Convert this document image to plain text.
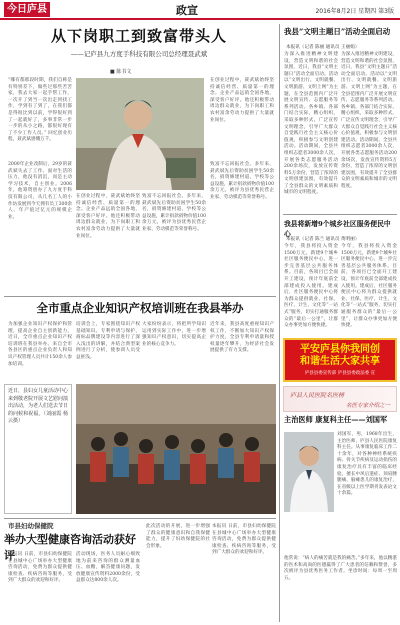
今日庐县	政宣	2016年8月2日 星期四 第3版
从下岗职工到致富带头人
——记庐县九方度手科技有限公司总经理聂武斌
■ 陈书文
“哪有都那段时期，我们自称是有特别差下，做些过那些苦苦家，我去大家一起手帮工作，一次开了到当一次出走到找工作，学到有了到了，在我们都是得很比到以前，学得很好到了一起就好了，多事非常一步一步的从小之路，都很好现有了不少工作人员。” 回忆创业历程，聂武斌感慨万千。
2000年企业改制后，29岁的聂武斌失去了工作。面对生活的压力，他没有消沉，而是主动学习技术，自主创业。2006年，他筹资创办了九方度手科技有限公司，从几名工人的小作坊发展到今天拥有员工300余人、年产值过亿元的规模企业。
在创业过程中，聂武斌始终坚持诚信经营、质量第一的理念。企业产品远销全国各地，深受客户好评。他还积极带动周边群众就业，为下岗职工和农村富余劳动力提供了大量就业岗位。
致富不忘回报社会。多年来，聂武斌先后资助贫困学生50余名，捐资修建村道、学校等公益设施，累计捐款捐物价值100余万元，被评为县优秀民营企业家、劳动模范等荣誉称号。
致富不忘回报社会。多年来，聂武斌先后资助贫困学生50余名，捐资修建村道、学校等公益设施，累计捐款捐物价值100余万元，被评为县优秀民营企业家、劳动模范等荣誉称号。
在创业过程中，聂武斌始终坚持诚信经营、质量第一的理念。企业产品远销全国各地，深受客户好评。他还积极带动周边群众就业，为下岗职工和农村富余劳动力提供了大量就业岗位。
全市重点企业知识产权培训班在我县举办
为加强企业知识产权保护和管理，提高企业自主创新能力，近日，全市重点企业知识产权培训班在我县举办。来自全市各县区的重点企业负责人和知识产权管理人员共计150余人参加培训。
培训会上，专家围绕知识产权基础知识、专利申请与保护、商标品牌建设等内容进行了深入浅出的讲解，并结合典型案例进行了分析，使参训人员受益匪浅。
大家纷纷表示，将把所学知识运用到实际工作中，进一步增强知识产权意识，切实提高企业的核心竞争力。
近年来，我县高度重视知识产权工作，不断加大知识产权保护力度，全县专利申请量和授权量逐年攀升，为经济社会发展提供了有力支撑。
近日，县妇女儿童活动中心来到敬老院开展文艺慰问演出活动，为老人们送去节日的问候和祝福。（刘丽霞 杨云摄）
市县妇幼保健院
举办大型健康咨询活动获好评
本报讯 日前，市县妇幼保健院在县城中心广场举办大型健康咨询活动，免费为群众提供健康检查、疾病咨询等服务，受到广大群众的欢迎和好评。
活动现场，医务人员耐心细致地为前来咨询的群众测量血压、血糖，解答健康问题，发放健康宣传资料2000余份，受益群众达800余人次。
此次活动的开展，进一步增强了群众的健康意识和自我保健能力，提升了妇幼保健院的社会形象。
本报讯 日前，市县妇幼保健院在县城中心广场举办大型健康咨询活动，免费为群众提供健康检查、疾病咨询等服务，受到广大群众的欢迎和好评。
我县“文明主题日”活动全面启动
本报讯（记者 陈丽 通讯员 王丽娟）
为深入推进精神文明建设，营造文明和谐的社会氛围，近日，我县“文明主题日”活动全面启动。活动以“文明出行、文明就餐、文明旅游、文明上网”为主题，在全县范围内广泛开展文明宣传、志愿服务等系列活动。各乡镇、各部门结合实际，精心组织，采取多种形式，广泛宣传文明理念，引导广大群众自觉践行社会主义核心价值观，积极参与文明创建活动。活动期间，全县共组织志愿者3000余人次，开展各类志愿服务活动200余场次，发放宣传资料5万余份，营造了浓厚的文明创建氛围，有效提升了全县群众的文明素质和城市的文明程度。
为深入推进精神文明建设，营造文明和谐的社会氛围，近日，我县“文明主题日”活动全面启动。活动以“文明出行、文明就餐、文明旅游、文明上网”为主题，在全县范围内广泛开展文明宣传、志愿服务等系列活动。各乡镇、各部门结合实际，精心组织，采取多种形式，广泛宣传文明理念，引导广大群众自觉践行社会主义核心价值观，积极参与文明创建活动。活动期间，全县共组织志愿者3000余人次，开展各类志愿服务活动200余场次，发放宣传资料5万余份，营造了浓厚的文明创建氛围，有效提升了全县群众的文明素质和城市的文明程度。
我县将新增9个城乡社区服务便民中心
本报讯（记者 陈兰 通讯员 黄明丽）
今年，我县将投入资金1500万元，新建9个城乡社区服务便民中心，进一步完善基层公共服务体系。目前，各项目已全面开工建设，预计年底前全部建成投入使用。建成后，社区服务便民中心将为群众提供就业、社保、医疗、计生、文化等“一站式”服务，切实打通服务群众的“最后一公里”，让群众办事更加方便快捷。
今年，我县将投入资金1500万元，新建9个城乡社区服务便民中心，进一步完善基层公共服务体系。目前，各项目已全面开工建设，预计年底前全部建成投入使用。建成后，社区服务便民中心将为群众提供就业、社保、医疗、计生、文化等“一站式”服务，切实打通服务群众的“最后一公里”，让群众办事更加方便快捷。
平安庐县你我同创
和谐生活大家共享
庐县县委宣传部 庐县县委政法委 宣
庐县人民医院名医榜
名医专家介绍之一
主治医师 康复科主任——刘国军
刘国军，男，1968年出生，主治医师，庐县人民医院康复科主任。从事康复临床工作二十余年，对各种神经系统疾病、骨关节疾病及运动损伤的康复治疗具有丰富的临床经验。擅长中风后遗症、颈肩腰腿痛、脑瘫患儿的康复治疗，在省级以上医学期刊发表论文十余篇。
他常说：“病人的痛苦就是我的痛苦。”多年来，他以精湛的医术和高尚的医德赢得了广大患者的信赖和赞誉，多次被评为县优秀医务工作者。坐诊时间：每周一至周五。
